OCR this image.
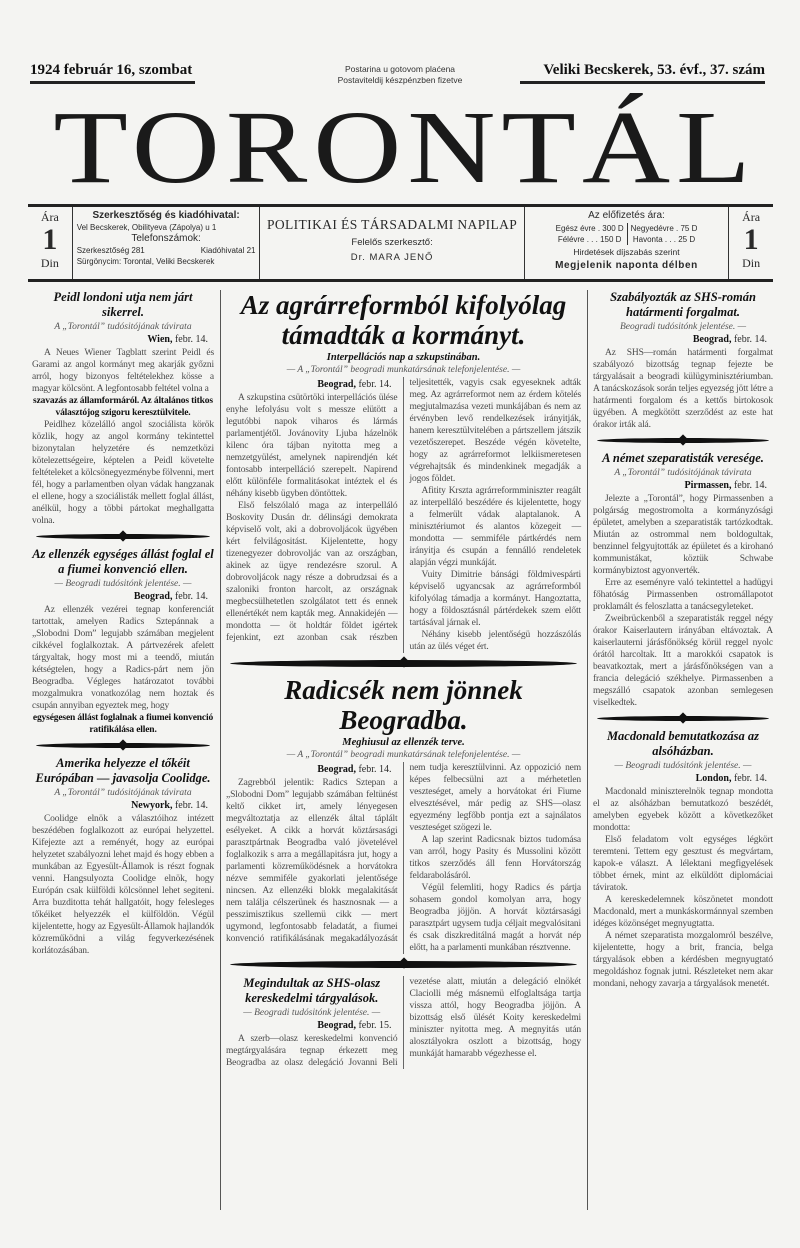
1924 február 16, szombat	Postarina u gotovom plaćena
Postaviteldij készpénzben fizetve
Veliki Becskerek, 53. évf., 37. szám
TORONTÁL
Ára
1
Din
Szerkesztőség és kiadóhivatal:
Vel Becskerek, Obilityeva (Zápolya) u 1
Telefonszámok:
Szerkesztőség 281	Kiadóhivatal 21
Sürgönycim: Torontal, Veliki Becskerek
POLITIKAI ÉS TÁRSADALMI NAPILAP
Felelős szerkesztő:
Dr. MARA JENŐ
Az előfizetés ára:
Egész évre . 300 D	Negyedévre . 75 D
Félévre . . . 150 D	Havonta . . . 25 D
Hirdetések díjszabás szerint
Megjelenik naponta délben
Ára
1
Din
Peidl londoni utja nem járt sikerrel.
A „Torontál” tudósitójának távirata
Wien, febr. 14.

A Neues Wiener Tagblatt szerint Peidl és Garami az angol kormányt meg akarják győzni arról, hogy bizonyos feltételekhez kösse a magyar kölcsönt. A legfontosabb feltétel volna a

szavazás az államformáról. Az általános titkos választójog szigoru keresztülvitele.

Peidlhez közelálló angol szociálista körök közlik, hogy az angol kormány tekintettel bizonytalan helyzetére és nemzetközi kötelezettségeire, képtelen a Peidl követelte feltételeket a kölcsönegyezménybe fölvenni, mert fél, hogy a parlamentben olyan vádak hangzanak el ellene, hogy a szociálisták mellett foglal állást, anélkül, hogy a többi pártokat meghallgatta volna.

Az ellenzék egységes állást foglal el a fiumei konvenció ellen.
— Beogradi tudósitónk jelentése. —
Beograd, febr. 14.

Az ellenzék vezérei tegnap konferenciát tartottak, amelyen Radics Sztepánnak a „Slobodni Dom” legujabb számában megjelent cikkével foglalkoztak. A pártvezérek afelett tárgyaltak, hogy most mi a teendő, miután kétségtelen, hogy a Radics-párt nem jön Beogradba. Végleges határozatot további mozgalmukra vonatkozólag nem hoztak és csupán annyiban egyeztek meg, hogy

egységesen állást foglalnak a fiumei konvenció ratifikálása ellen.

Amerika helyezze el tőkéit Európában — javasolja Coolidge.
A „Torontál” tudósitójának távirata
Newyork, febr. 14.

Coolidge elnök a választóihoz intézett beszédében foglalkozott az európai helyzettel. Kifejezte azt a reményét, hogy az európai helyzetet szabályozni lehet majd és hogy ebben a munkában az Egyesült-Államok is részt fognak venni. Hangsulyozta Coolidge elnök, hogy Európán csak külföldi kölcsönnel lehet segiteni. Arra buzditotta tehát hallgatóit, hogy felesleges tőkéiket helyezzék el külföldön. Végül kijelentette, hogy az Egyesült-Államok hajlandók közreműködni a világ fegyverkezésének korlátozásában.

Az agrárreformból kifolyólag támadták a kormányt.
Interpellációs nap a szkupstinában.
— A „Torontál” beogradi munkatársának telefonjelentése. —
Beograd, febr. 14.

A szkupstina csütörtöki interpellációs ülése enyhe lefolyásu volt s messze elütött a legutóbbi napok viharos és lármás parlamentjétől. Jovánovity Ljuba házelnök kilenc óra tájban nyitotta meg a nemzetgyülést, amelynek napirendjén két fontosabb interpelláció szerepelt. Napirend előtt különféle formalitásokat intéztek el és néhány kisebb ügyben döntöttek.

Első felszólaló maga az interpelláló Boskovity Dusán dr. délinsági demokrata képviselő volt, aki a dobrovoljácok ügyében kért felvilágositást. Kijelentette, hogy tizenegyezer dobrovoljác van az országban, akinek az ügye rendezésre szorul. A dobrovoljácok nagy része a dobrudzsai és a szaloniki fronton harcolt, az országnak megbecsülhetetlen szolgálatot tett és ennek ellenértékét nem kapták meg. Annakidején — mondotta — öt holdtár földet igértek fejenkint, ezt azonban csak részben teljesitették, vagyis csak egyeseknek adták meg. Az agrárreformot nem az érdem kötelés megjutalmazása vezeti munkájában és nem az érvényben levő rendelkezések irányitják, hanem keresztülvitelében a pártszellem játszik vezetőszerepet. Beszéde végén követelte, hogy az agrárreformot lelkiismeretesen végrehajtsák és mindenkinek megadják a jogos földet.

Afitity Krszta agrárreformminiszter reagált az interpelláló beszédére és kijelentette, hogy a felmerült vádak alaptalanok. A minisztériumot és alantos közegeit — mondotta — semmiféle pártkérdés nem irányitja és csupán a fennálló rendeletek alapján végzi munkáját.

Vuity Dimitrie bánsági földmivespárti képviselő ugyancsak az agrárreformból kifolyólag támadja a kormányt. Hangoztatta, hogy a földosztásnál pártérdekek szem előtt tartásával járnak el.

Néhány kisebb jelentőségü hozzászólás után az ülés véget ért.

Radicsék nem jönnek Beogradba.
Meghiusul az ellenzék terve.
— A „Torontál” beogradi munkatársának telefonjelentése. —
Beograd, febr. 14.

Zagrebból jelentik: Radics Sztepan a „Slobodni Dom” legujabb számában feltünést keltő cikket irt, amely lényegesen megváltoztatja az ellenzék által táplált esélyeket. A cikk a horvát köztársasági parasztpártnak Beogradba való jövetelével foglalkozik s arra a megállapitásra jut, hogy a parlamenti közreműködésnek a horvátokra nézve semmiféle gyakorlati jelentősége nincsen. Az ellenzéki blokk megalakitását nem találja célszerünek és hasznosnak — a pesszimisztikus szellemü cikk — mert ugymond, legfontosabb feladatát, a fiumei konvenció ratifikálásának megakadályozását nem tudja keresztülvinni. Az oppozició nem képes felbecsülni azt a mérhetetlen veszteséget, amely a horvátokat éri Fiume elvesztésével, már pedig az SHS—olasz egyezmény legfőbb pontja ezt a sajnálatos veszteséget szögezi le.

A lap szerint Radicsnak biztos tudomása van arról, hogy Pasity és Mussolini között titkos szerződés áll fenn Horvátország feldarabolásáról.

Végül felemliti, hogy Radics és pártja sohasem gondol komolyan arra, hogy Beogradba jöjjön. A horvát köztársasági parasztpárt ugysem tudja céljait megvalósitani és csak diszkreditálná magát a horvát nép előtt, ha a parlamenti munkában résztvenne.

Megindultak az SHS-olasz kereskedelmi tárgyalások.
— Beogradi tudósitónk jelentése. —
Beograd, febr. 15.

A szerb—olasz kereskedelmi konvenció megtárgyalására tegnap érkezett meg Beogradba az olasz delegáció Jovanni Beli vezetése alatt, miután a delegáció elnökét Claciolli még másnemü elfoglaltsága tartja vissza attól, hogy Beogradba jöjjön. A bizottság első ülését Koity kereskedelmi miniszter nyitotta meg. A megnyitás után alosztályokra oszlott a bizottság, hogy munkáját hamarabb végezhesse el.

Szabályozták az SHS-román határmenti forgalmat.
Beogradi tudósitónk jelentése. —
Beograd, febr. 14.

Az SHS—román határmenti forgalmat szabályozó bizottság tegnap fejezte be tárgyalásait a beogradi külügyminisztériumban. A tanácskozások során teljes egyezség jött létre a határmenti forgalom és a kettős birtokosok ügyében. A megkötött szerződést az este hat órakor irták alá.

A német szeparatisták veresége.
A „Torontál” tudósitójának távirata
Pirmassen, febr. 14.

Jelezte a „Torontál”, hogy Pirmassenben a polgárság megostromolta a kormányzósági épületet, amelyben a szeparatisták tartózkodtak. Miután az ostrommal nem boldogultak, benzinnel felgyujtották az épületet és a kirohanó kommunistákat, köztük Schwabe kormánybiztost agyonverték.

Erre az eseményre való tekintettel a hadügyi főhatóság Pirmassenben ostromállapotot proklamált és feloszlatta a tanácsegyleteket.

Zweibrückenből a szeparatisták reggel négy órakor Kaiserlautern irányában eltávoztak. A kaiserlauterni járásfőnökség körül reggel nyolc órától harcoltak. Itt a marokkói csapatok is beavatkoztak, mert a járásfőnökségen van a francia delegáció székhelye. Pirmassenben a megszálló csapatok azonban semlegesen viselkedtek.

Macdonald bemutatkozása az alsóházban.
— Beogradi tudósitónk jelentése. —
London, febr. 14.

Macdonald miniszterelnök tegnap mondotta el az alsóházban bemutatkozó beszédét, amelyben egyebek között a következőket mondotta:

Első feladatom volt egységes légkört teremteni. Tettem egy gesztust és megvártam, kapok-e választ. A lélektani megfigyelések többet érnek, mint az elküldött diplomáciai táviratok.

A kereskedelemnek köszönetet mondott Macdonald, mert a munkáskormánnyal szemben idéges közönséget megnyugtatta.

A német szeparatista mozgalomról beszélve, kijelentette, hogy a brit, francia, belga tárgyalások ebben a kérdésben megnyugtató megoldáshoz fognak jutni. Részleteket nem akar mondani, nehogy zavarja a tárgyalások menetét.
